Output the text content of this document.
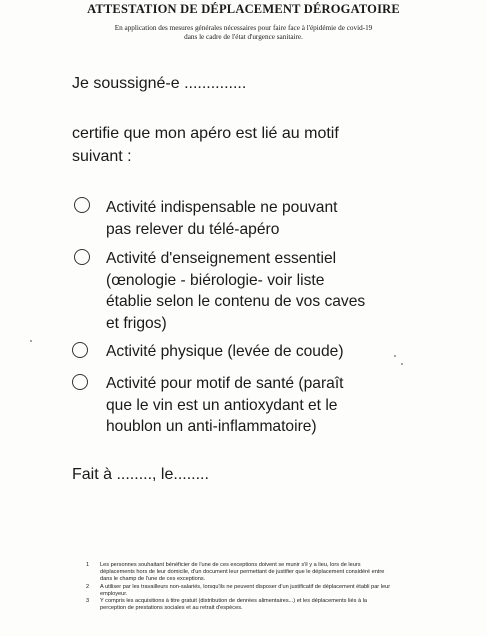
ATTESTATION DE DÉPLACEMENT DÉROGATOIRE
En application des mesures générales nécessaires pour faire face à l'épidémie de covid-19
dans le cadre de l'état d'urgence sanitaire.
Je soussigné-e ..............
certifie que mon apéro est lié au motif
suivant :
Activité indispensable ne pouvant
pas relever du télé-apéro
Activité d'enseignement essentiel
(œnologie - biérologie- voir liste
établie selon le contenu de vos caves
et frigos)
Activité physique (levée de coude)
Activité pour motif de santé (paraît
que le vin est un antioxydant et le
houblon un anti-inflammatoire)
Fait à ........, le........
1 Les personnes souhaitant bénéficier de l'une de ces exceptions doivent se munir s'il y a lieu, lors de leurs
déplacements hors de leur domicile, d'un document leur permettant de justifier que le déplacement considéré entre
dans le champ de l'une de ces exceptions.
2 A utiliser par les travailleurs non-salariés, lorsqu'ils ne peuvent disposer d'un justificatif de déplacement établi par leur
employeur.
3 Y compris les acquisitions à titre gratuit (distribution de denrées alimentaires...) et les déplacements liés à la
perception de prestations sociales et au retrait d'espèces.
